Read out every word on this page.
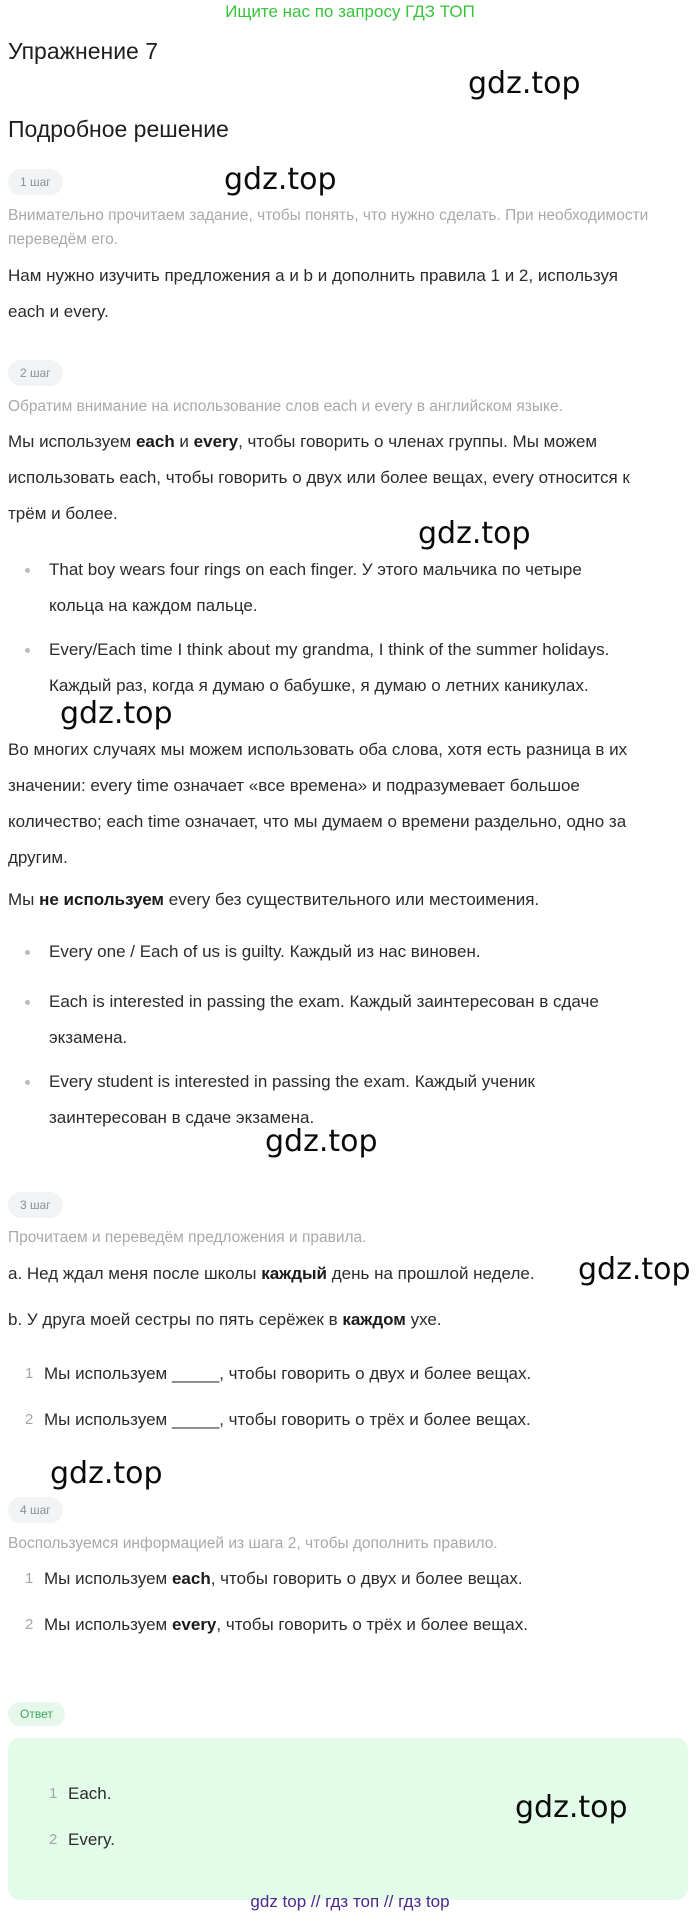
Ищите нас по запросу ГДЗ ТОП
Упражнение 7
gdz.top
Подробное решение
1 шаг	gdz.top
Внимательно прочитаем задание, чтобы понять, что нужно сделать. При необходимости
переведём его.
Нам нужно изучить предложения a и b и дополнить правила 1 и 2, используя
each и every.
2 шаг
Обратим внимание на использование слов each и every в английском языке.
Мы используем each и every, чтобы говорить о членах группы. Мы можем
использовать each, чтобы говорить о двух или более вещах, every относится к
трём и более.
gdz.top
That boy wears four rings on each finger. У этого мальчика по четыре
кольца на каждом пальце.
Every/Each time I think about my grandma, I think of the summer holidays.
Каждый раз, когда я думаю о бабушке, я думаю о летних каникулах.
gdz.top
Во многих случаях мы можем использовать оба слова, хотя есть разница в их
значении: every time означает «все времена» и подразумевает большое
количество; each time означает, что мы думаем о времени раздельно, одно за
другим.
Мы не используем every без существительного или местоимения.
Every one / Each of us is guilty. Каждый из нас виновен.
Each is interested in passing the exam. Каждый заинтересован в сдаче
экзамена.
Every student is interested in passing the exam. Каждый ученик
заинтересован в сдаче экзамена.
gdz.top
3 шаг
Прочитаем и переведём предложения и правила.
a. Нед ждал меня после школы каждый день на прошлой неделе. gdz.top
b. У друга моей сестры по пять серёжек в каждом ухе.
1 Мы используем _____, чтобы говорить о двух и более вещах.
2 Мы используем _____, чтобы говорить о трёх и более вещах.
gdz.top
4 шаг
Воспользуемся информацией из шага 2, чтобы дополнить правило.
1 Мы используем each, чтобы говорить о двух и более вещах.
2 Мы используем every, чтобы говорить о трёх и более вещах.
Ответ
1 Each.
2 Every.
gdz.top
gdz top // гдз топ // гдз top
